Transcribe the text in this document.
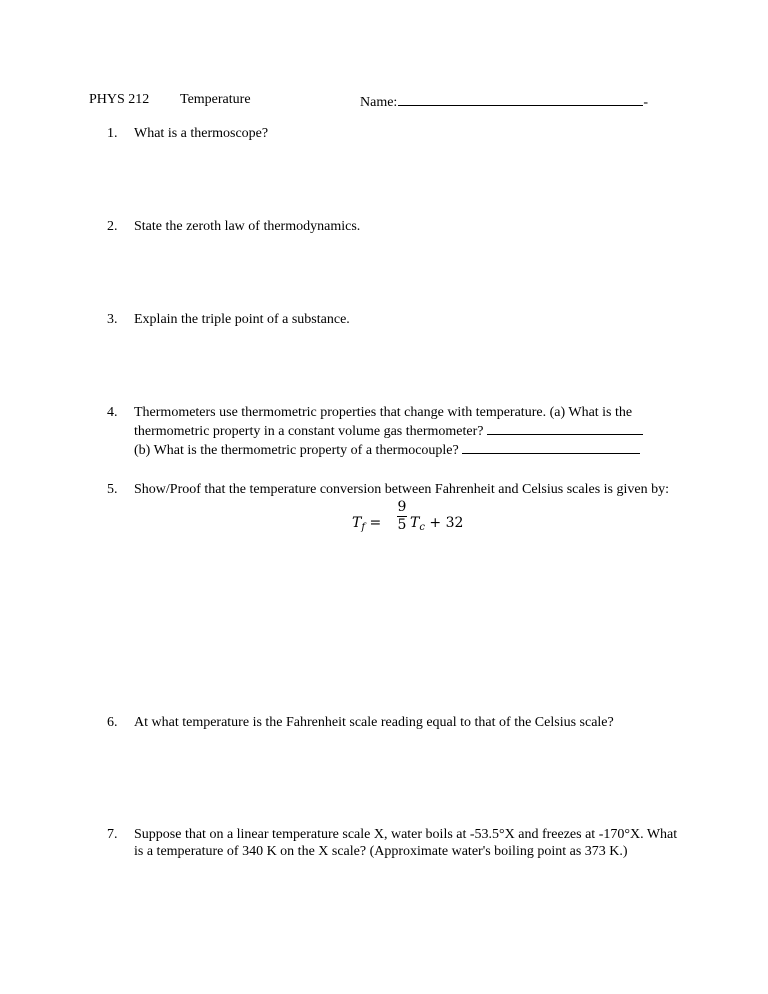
PHYS 212 Temperature	Name:	-
1. What is a thermoscope?
2. State the zeroth law of thermodynamics.
3. Explain the triple point of a substance.
4. Thermometers use thermometric properties that change with temperature. (a) What is the
thermometric property in a constant volume gas thermometer?
(b) What is the thermometric property of a thermocouple?
5. Show/Proof that the temperature conversion between Fahrenheit and Celsius scales is given by:
$T_f$ =
9
5 $T_c + 32$
6. At what temperature is the Fahrenheit scale reading equal to that of the Celsius scale?
7. Suppose that on a linear temperature scale X, water boils at -53.5°X and freezes at -170°X. What
is a temperature of 340 K on the X scale? (Approximate water's boiling point as 373 K.)
